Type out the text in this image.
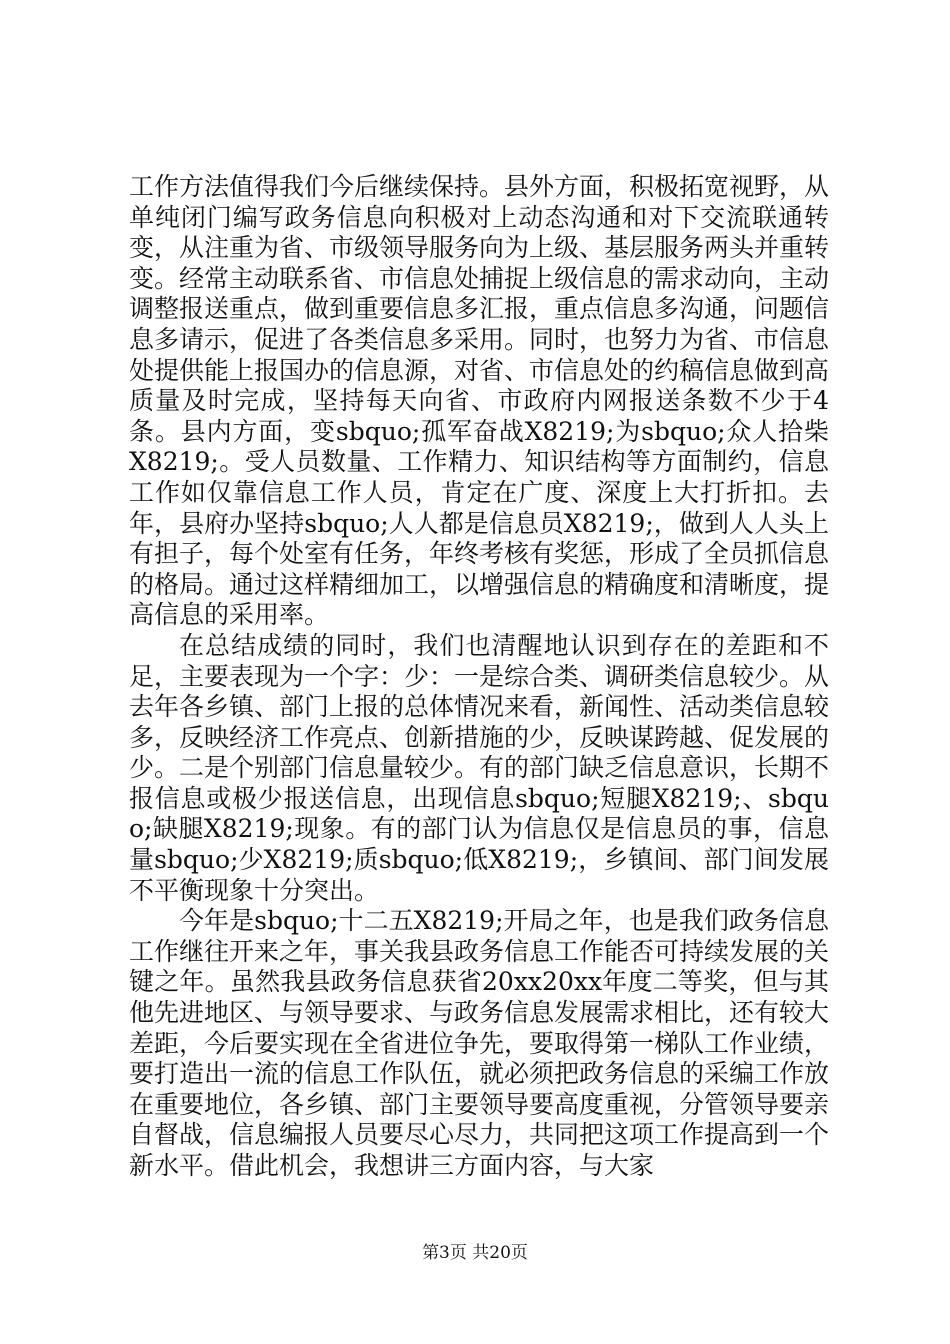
工作方法值得我们今后继续保持。县外方面，积极拓宽视野，从单纯闭门编写政务信息向积极对上动态沟通和对下交流联通转变，从注重为省、市级领导服务向为上级、基层服务两头并重转变。经常主动联系省、市信息处捕捉上级信息的需求动向，主动调整报送重点，做到重要信息多汇报，重点信息多沟通，问题信息多请示，促进了各类信息多采用。同时，也努力为省、市信息处提供能上报国办的信息源，对省、市信息处的约稿信息做到高质量及时完成，坚持每天向省、市政府内网报送条数不少于4条。县内方面，变sbquo;孤军奋战X8219;为sbquo;众人拾柴X8219;。受人员数量、工作精力、知识结构等方面制约，信息工作如仅靠信息工作人员，肯定在广度、深度上大打折扣。去年，县府办坚持sbquo;人人都是信息员X8219;，做到人人头上有担子，每个处室有任务，年终考核有奖惩，形成了全员抓信息的格局。通过这样精细加工，以增强信息的精确度和清晰度，提高信息的采用率。

在总结成绩的同时，我们也清醒地认识到存在的差距和不足，主要表现为一个字：少：一是综合类、调研类信息较少。从去年各乡镇、部门上报的总体情况来看，新闻性、活动类信息较多，反映经济工作亮点、创新措施的少，反映谋跨越、促发展的少。二是个别部门信息量较少。有的部门缺乏信息意识，长期不报信息或极少报送信息，出现信息sbquo;短腿X8219;、sbquo;缺腿X8219;现象。有的部门认为信息仅是信息员的事，信息量sbquo;少X8219;质sbquo;低X8219;，乡镇间、部门间发展不平衡现象十分突出。

今年是sbquo;十二五X8219;开局之年，也是我们政务信息工作继往开来之年，事关我县政务信息工作能否可持续发展的关键之年。虽然我县政务信息获省20xx20xx年度二等奖，但与其他先进地区、与领导要求、与政务信息发展需求相比，还有较大差距，今后要实现在全省进位争先，要取得第一梯队工作业绩，要打造出一流的信息工作队伍，就必须把政务信息的采编工作放在重要地位，各乡镇、部门主要领导要高度重视，分管领导要亲自督战，信息编报人员要尽心尽力，共同把这项工作提高到一个新水平。借此机会，我想讲三方面内容，与大家

第3页 共20页
